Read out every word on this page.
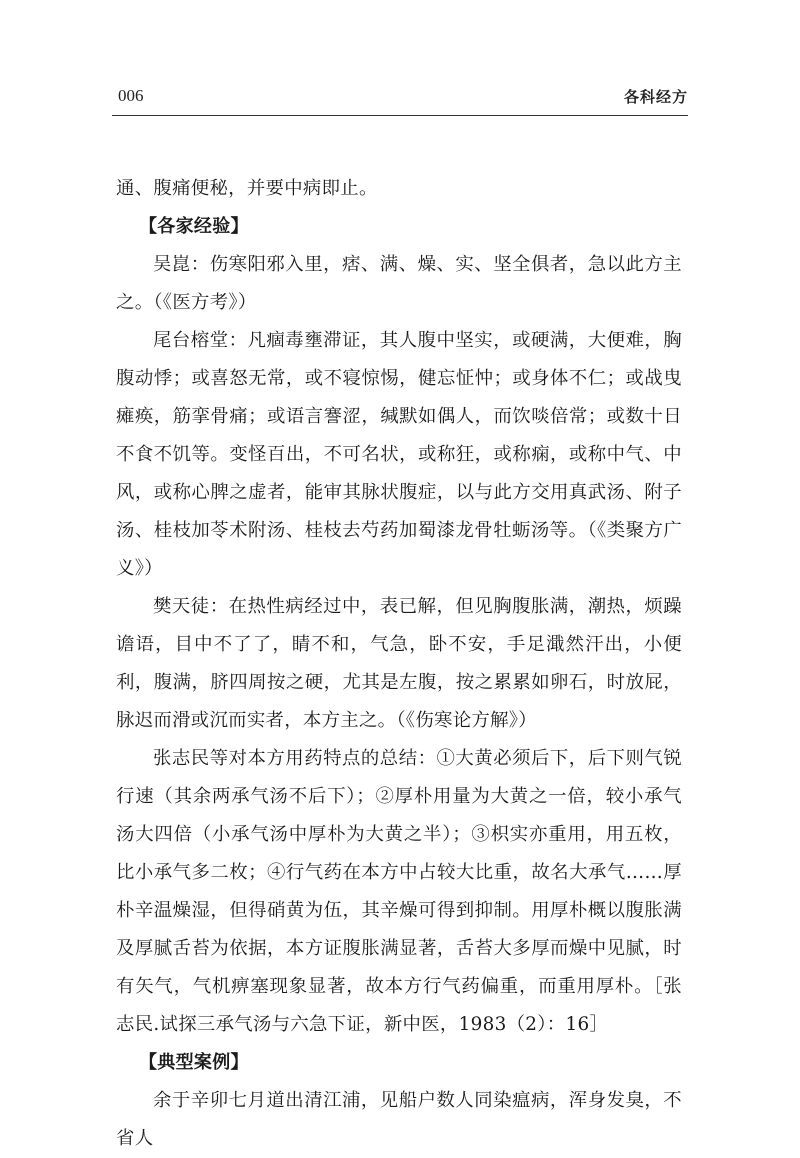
006	各科经方

通、腹痛便秘，并要中病即止。

【各家经验】

吴崑：伤寒阳邪入里，痞、满、燥、实、坚全俱者，急以此方主之。（《医方考》）

尾台榕堂：凡痼毒壅滞证，其人腹中坚实，或硬满，大便难，胸腹动悸；或喜怒无常，或不寝惊惕，健忘怔忡；或身体不仁；或战曳瘫痪，筋挛骨痛；或语言謇涩，缄默如偶人，而饮啖倍常；或数十日不食不饥等。变怪百出，不可名状，或称狂，或称痫，或称中气、中风，或称心脾之虚者，能审其脉状腹症，以与此方交用真武汤、附子汤、桂枝加苓术附汤、桂枝去芍药加蜀漆龙骨牡蛎汤等。（《类聚方广义》）

樊天徒：在热性病经过中，表已解，但见胸腹胀满，潮热，烦躁谵语，目中不了了，睛不和，气急，卧不安，手足濈然汗出，小便利，腹满，脐四周按之硬，尤其是左腹，按之累累如卵石，时放屁，脉迟而滑或沉而实者，本方主之。（《伤寒论方解》）

张志民等对本方用药特点的总结：①大黄必须后下，后下则气锐行速（其余两承气汤不后下）；②厚朴用量为大黄之一倍，较小承气汤大四倍（小承气汤中厚朴为大黄之半）；③枳实亦重用，用五枚，比小承气多二枚；④行气药在本方中占较大比重，故名大承气……厚朴辛温燥湿，但得硝黄为伍，其辛燥可得到抑制。用厚朴概以腹胀满及厚腻舌苔为依据，本方证腹胀满显著，舌苔大多厚而燥中见腻，时有矢气，气机痹塞现象显著，故本方行气药偏重，而重用厚朴。［张志民.试探三承气汤与六急下证，新中医，1983（2）：16］

【典型案例】

余于辛卯七月道出清江浦，见船户数人同染瘟病，浑身发臭，不省人
